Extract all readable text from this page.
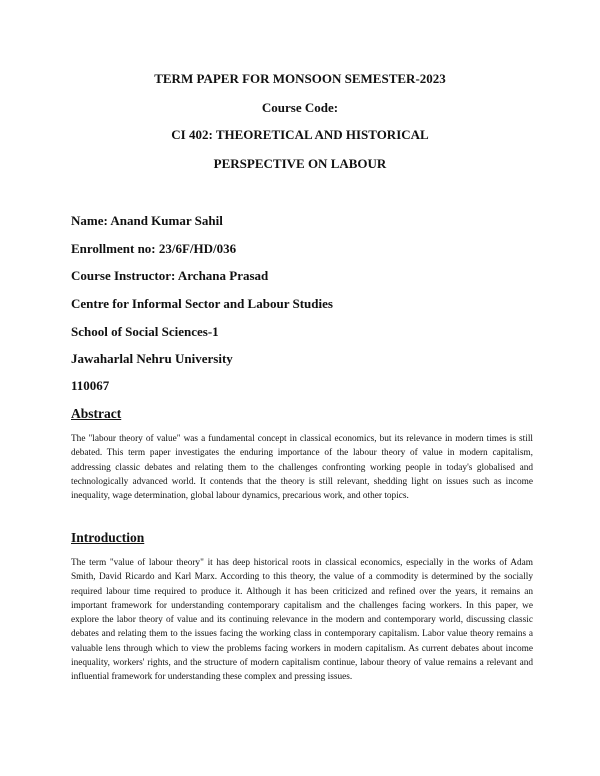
TERM PAPER FOR MONSOON SEMESTER-2023
Course Code:
CI 402: THEORETICAL AND HISTORICAL
PERSPECTIVE ON LABOUR
Name: Anand Kumar Sahil
Enrollment no: 23/6F/HD/036
Course Instructor: Archana Prasad
Centre for Informal Sector and Labour Studies
School of Social Sciences-1
Jawaharlal Nehru University
110067
Abstract

The "labour theory of value" was a fundamental concept in classical economics, but its relevance in modern times is still debated. This term paper investigates the enduring importance of the labour theory of value in modern capitalism, addressing classic debates and relating them to the challenges confronting working people in today's globalised and technologically advanced world. It contends that the theory is still relevant, shedding light on issues such as income inequality, wage determination, global labour dynamics, precarious work, and other topics.

Introduction

The term "value of labour theory" it has deep historical roots in classical economics, especially in the works of Adam Smith, David Ricardo and Karl Marx. According to this theory, the value of a commodity is determined by the socially required labour time required to produce it. Although it has been criticized and refined over the years, it remains an important framework for understanding contemporary capitalism and the challenges facing workers. In this paper, we explore the labor theory of value and its continuing relevance in the modern and contemporary world, discussing classic debates and relating them to the issues facing the working class in contemporary capitalism. Labor value theory remains a valuable lens through which to view the problems facing workers in modern capitalism. As current debates about income inequality, workers' rights, and the structure of modern capitalism continue, labour theory of value remains a relevant and influential framework for understanding these complex and pressing issues.
